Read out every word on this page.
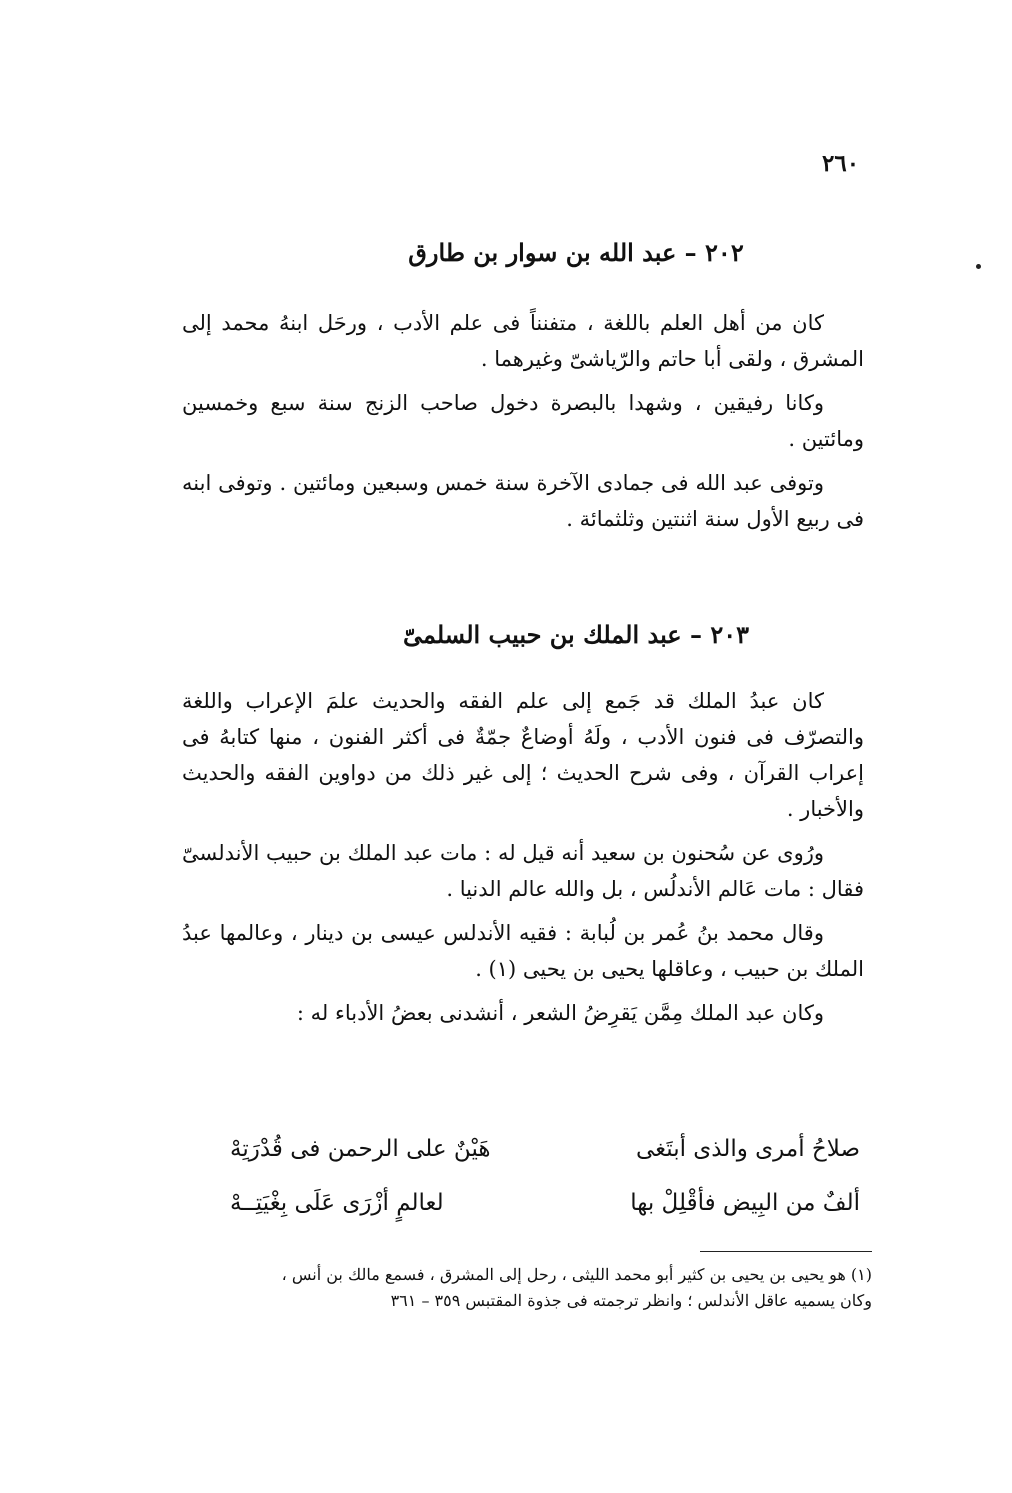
٢٦٠
٢٠٢ – عبد الله بن سوار بن طارق

كان من أهل العلم باللغة ، متفنناً فى علم الأدب ، ورحَل ابنهُ محمد إلى المشرق ، ولقى أبا حاتم والرّياشىّ وغيرهما .

وكانا رفيقين ، وشهدا بالبصرة دخول صاحب الزنج سنة سبع وخمسين ومائتين .

وتوفى عبد الله فى جمادى الآخرة سنة خمس وسبعين ومائتين . وتوفى ابنه فى ربيع الأول سنة اثنتين وثلثمائة .

٢٠٣ – عبد الملك بن حبيب السلمىّ

كان عبدُ الملك قد جَمع إلى علم الفقه والحديث علمَ الإعراب واللغة والتصرّف فى فنون الأدب ، ولَهُ أوضاعٌ جمّةٌ فى أكثر الفنون ، منها كتابهُ فى إعراب القرآن ، وفى شرح الحديث ؛ إلى غير ذلك من دواوين الفقه والحديث والأخبار .

ورُوى عن سُحنون بن سعيد أنه قيل له : مات عبد الملك بن حبيب الأندلسىّ فقال : مات عَالم الأندلُس ، بل والله عالم الدنيا .

وقال محمد بنُ عُمر بن لُبابة : فقيه الأندلس عيسى بن دينار ، وعالمها عبدُ الملك بن حبيب ، وعاقلها يحيى بن يحيى (١) .

وكان عبد الملك مِمَّن يَقرِضُ الشعر ، أنشدنى بعضُ الأدباء له :

صلاحُ أمرى والذى أبتَغى
هَيْنٌ على الرحمن فى قُدْرَتِهْ
ألفٌ من البِيض فأقْلِلْ بها
لعالمٍ أزْرَى عَلَى بِغْيَتِــهْ

(١) هو يحيى بن يحيى بن كثير أبو محمد الليثى ، رحل إلى المشرق ، فسمع مالك بن أنس ،

وكان يسميه عاقل الأندلس ؛ وانظر ترجمته فى جذوة المقتبس ٣٥٩ – ٣٦١
